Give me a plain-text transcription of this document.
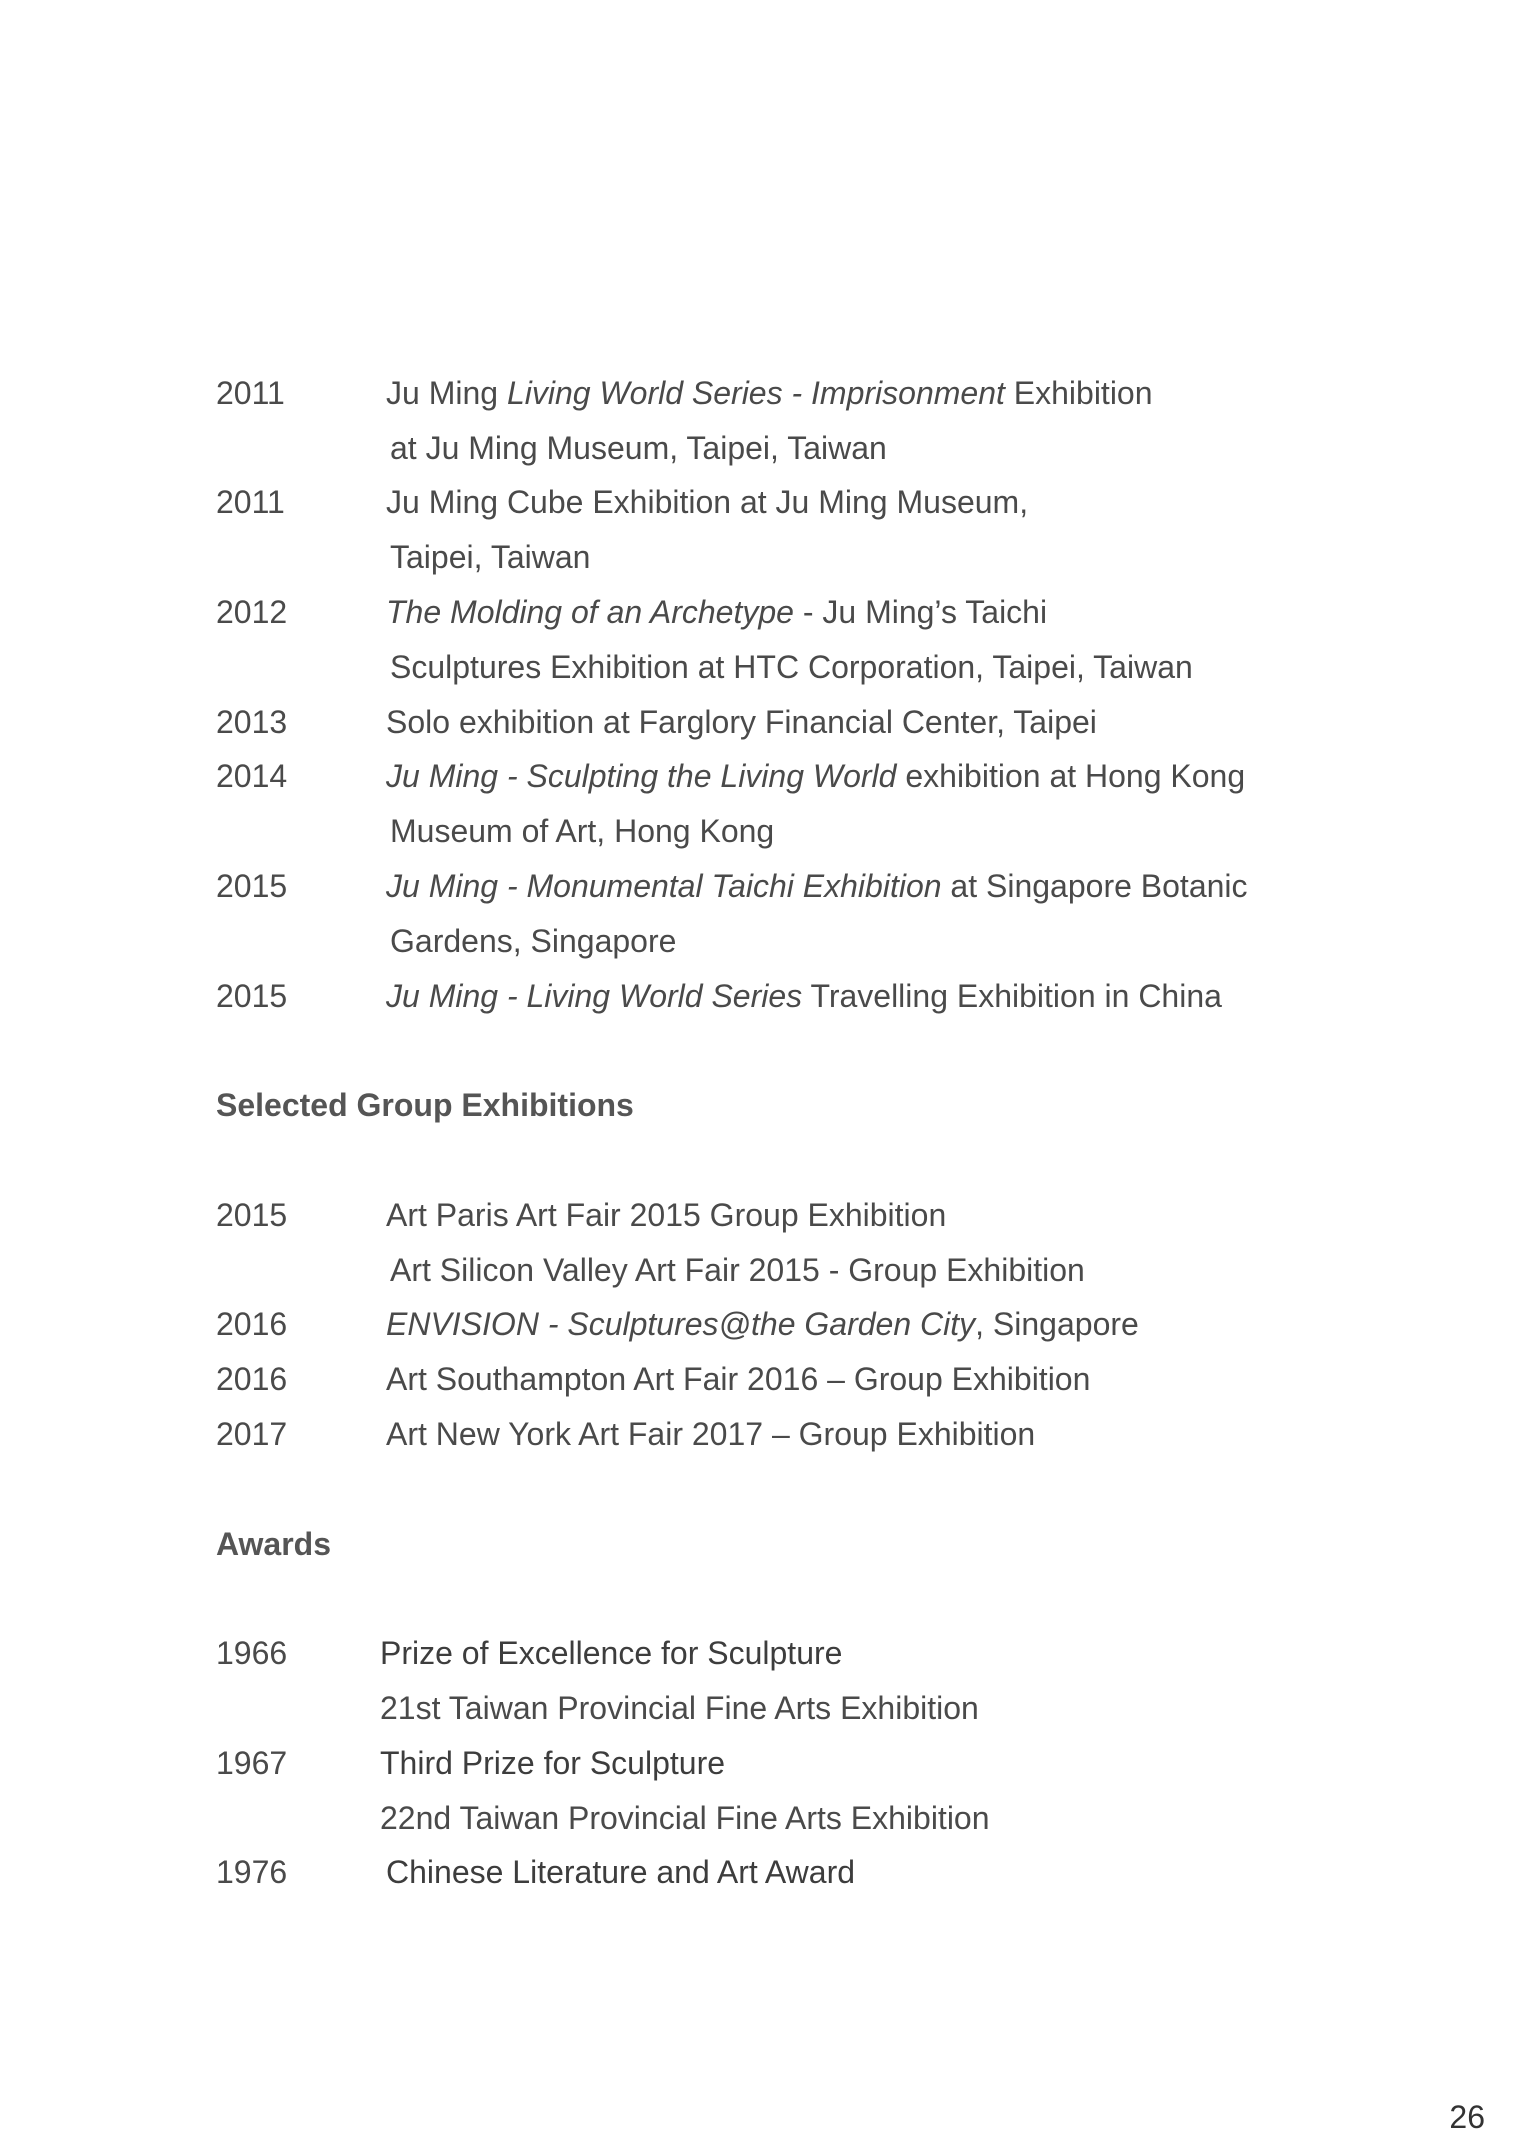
2011	Ju Ming Living World Series - Imprisonment Exhibition
at Ju Ming Museum, Taipei, Taiwan
2011	Ju Ming Cube Exhibition at Ju Ming Museum,
Taipei, Taiwan
2012	The Molding of an Archetype - Ju Ming’s Taichi
Sculptures Exhibition at HTC Corporation, Taipei, Taiwan
2013	Solo exhibition at Farglory Financial Center, Taipei
2014	Ju Ming - Sculpting the Living World exhibition at Hong Kong
Museum of Art, Hong Kong
2015	Ju Ming - Monumental Taichi Exhibition at Singapore Botanic
Gardens, Singapore
2015	Ju Ming - Living World Series Travelling Exhibition in China
Selected Group Exhibitions
2015	Art Paris Art Fair 2015 Group Exhibition
Art Silicon Valley Art Fair 2015 - Group Exhibition
2016	ENVISION - Sculptures@the Garden City, Singapore
2016	Art Southampton Art Fair 2016 – Group Exhibition
2017	Art New York Art Fair 2017 – Group Exhibition
Awards
1966	Prize of Excellence for Sculpture
21st Taiwan Provincial Fine Arts Exhibition
1967	Third Prize for Sculpture
22nd Taiwan Provincial Fine Arts Exhibition
1976	Chinese Literature and Art Award
26
